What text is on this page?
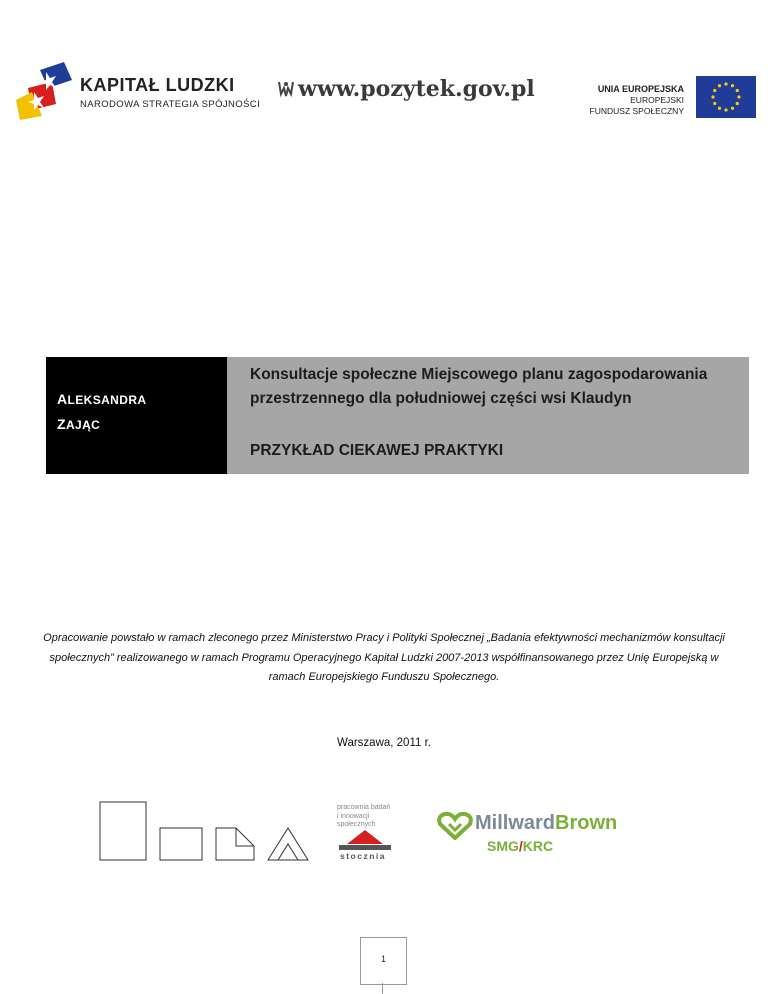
KAPITAŁ LUDZKI
NARODOWA STRATEGIA SPÓJNOŚCI
www.pozytek.gov.pl	UNIA EUROPEJSKA
EUROPEJSKI
FUNDUSZ SPOŁECZNY
ALEKSANDRA
ZAJĄC
Konsultacje społeczne Miejscowego planu zagospodarowania przestrzennego dla południowej części wsi Klaudyn
PRZYKŁAD CIEKAWEJ PRAKTYKI
Opracowanie powstało w ramach zleconego przez Ministerstwo Pracy i Polityki Społecznej „Badania efektywności mechanizmów konsultacji społecznych” realizowanego w ramach Programu Operacyjnego Kapitał Ludzki 2007-2013 współfinansowanego przez Unię Europejską w ramach Europejskiego Funduszu Społecznego.
Warszawa, 2011 r.
pracownia badań
i innowacji
społecznych
stocznia
MillwardBrown
SMG/KRC
1
